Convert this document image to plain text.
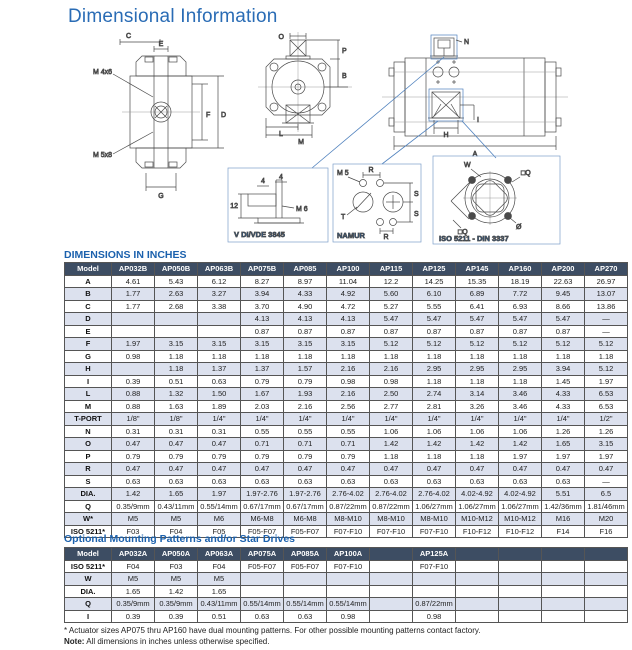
Dimensional Information
C
E
M 4x6
M 5x8
F D
G
O
P
B
L
M
N
H
I
A
4
4
12	M 6
V DI/VDE 3845
R
M 5
T
S
S
R
NAMUR
W
□Q
Ø
□Q
ISO 5211 - DIN 3337
DIMENSIONS IN INCHES
Model	AP032B	AP050B	AP063B	AP075B	AP085	AP100	AP115	AP125	AP145	AP160	AP200	AP270
A	4.61	5.43	6.12	8.27	8.97	11.04	12.2	14.25	15.35	18.19	22.63	26.97
B	1.77	2.63	3.27	3.94	4.33	4.92	5.60	6.10	6.89	7.72	9.45	13.07
C	1.77	2.68	3.38	3.70	4.90	4.72	5.27	5.55	6.41	6.93	8.66	13.86
D				4.13	4.13	4.13	5.47	5.47	5.47	5.47	5.47	—
E				0.87	0.87	0.87	0.87	0.87	0.87	0.87	0.87	—
F	1.97	3.15	3.15	3.15	3.15	3.15	5.12	5.12	5.12	5.12	5.12	5.12
G	0.98	1.18	1.18	1.18	1.18	1.18	1.18	1.18	1.18	1.18	1.18	1.18
H		1.18	1.37	1.37	1.57	2.16	2.16	2.95	2.95	2.95	3.94	5.12
I	0.39	0.51	0.63	0.79	0.79	0.98	0.98	1.18	1.18	1.18	1.45	1.97
L	0.88	1.32	1.50	1.67	1.93	2.16	2.50	2.74	3.14	3.46	4.33	6.53
M	0.88	1.63	1.89	2.03	2.16	2.56	2.77	2.81	3.26	3.46	4.33	6.53
T-PORT	1/8"	1/8"	1/4"	1/4"	1/4"	1/4"	1/4"	1/4"	1/4"	1/4"	1/4"	1/2"
N	0.31	0.31	0.31	0.55	0.55	0.55	1.06	1.06	1.06	1.06	1.26	1.26
O	0.47	0.47	0.47	0.71	0.71	0.71	1.42	1.42	1.42	1.42	1.65	3.15
P	0.79	0.79	0.79	0.79	0.79	0.79	1.18	1.18	1.18	1.97	1.97	1.97
R	0.47	0.47	0.47	0.47	0.47	0.47	0.47	0.47	0.47	0.47	0.47	0.47
S	0.63	0.63	0.63	0.63	0.63	0.63	0.63	0.63	0.63	0.63	0.63	—
DIA.	1.42	1.65	1.97	1.97-2.76	1.97-2.76	2.76-4.02	2.76-4.02	2.76-4.02	4.02-4.92	4.02-4.92	5.51	6.5
Q	0.35/9mm	0.43/11mm	0.55/14mm	0.67/17mm	0.67/17mm	0.87/22mm	0.87/22mm	1.06/27mm	1.06/27mm	1.06/27mm	1.42/36mm	1.81/46mm
W*	M5	M5	M6	M6-M8	M6-M8	M8-M10	M8-M10	M8-M10	M10-M12	M10-M12	M16	M20
ISO 5211*	F03	F04	F05	F05-F07	F05-F07	F07-F10	F07-F10	F07-F10	F10-F12	F10-F12	F14	F16
Optional Mounting Patterns and/or Star Drives
Model	AP032A	AP050A	AP063A	AP075A	AP085A	AP100A		AP125A				
ISO 5211*	F04	F03	F04	F05-F07	F05-F07	F07-F10		F07-F10				
W	M5	M5	M5									
DIA.	1.65	1.42	1.65									
Q	0.35/9mm	0.35/9mm	0.43/11mm	0.55/14mm	0.55/14mm	0.55/14mm		0.87/22mm				
I	0.39	0.39	0.51	0.63	0.63	0.98		0.98				
* Actuator sizes AP075 thru AP160 have dual mounting patterns. For other possible mounting patterns contact factory.
Note: All dimensions in inches unless otherwise specified.
